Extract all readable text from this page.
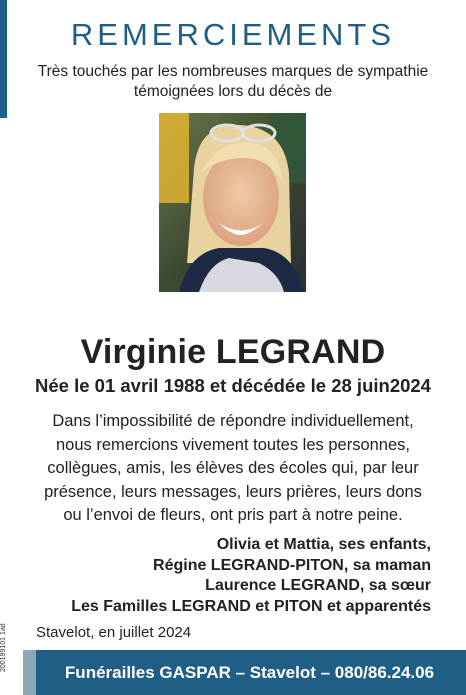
REMERCIEMENTS
Très touchés par les nombreuses marques de sympathie
témoignées lors du décès de
Virginie LEGRAND
Née le 01 avril 1988 et décédée le 28 juin2024
Dans l’impossibilité de répondre individuellement,
nous remercions vivement toutes les personnes,
collègues, amis, les élèves des écoles qui, par leur
présence, leurs messages, leurs prières, leurs dons
ou l’envoi de fleurs, ont pris part à notre peine.
Olivia et Mattia, ses enfants,
Régine LEGRAND-PITON, sa maman
Laurence LEGRAND, sa sœur
Les Familles LEGRAND et PITON et apparentés
Stavelot, en juillet 2024
200199101 1ad
Funérailles GASPAR – Stavelot – 080/86.24.06
